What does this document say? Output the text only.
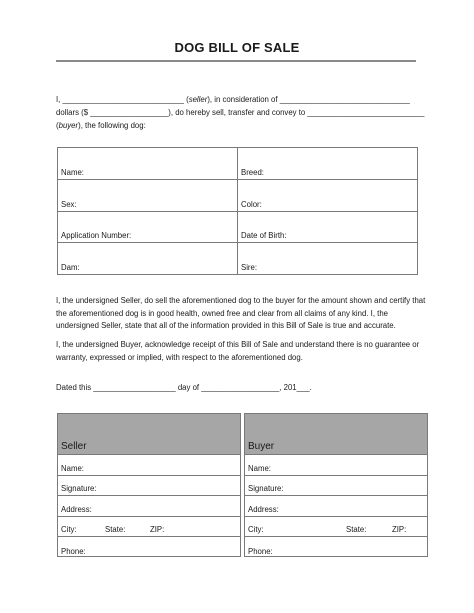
DOG BILL OF SALE
I, ____________________________ (seller), in consideration of ______________________________
dollars ($ __________________), do hereby sell, transfer and convey to ___________________________
(buyer), the following dog:
Name:	Breed:
Sex:	Color:
Application Number:	Date of Birth:
Dam:	Sire:
I, the undersigned Seller, do sell the aforementioned dog to the buyer for the amount shown and certify that the aforementioned dog is in good health, owned free and clear from all claims of any kind. I, the undersigned Seller, state that all of the information provided in this Bill of Sale is true and accurate.
I, the undersigned Buyer, acknowledge receipt of this Bill of Sale and understand there is no guarantee or warranty, expressed or implied, with respect to the aforementioned dog.
Dated this ___________________ day of __________________, 201___.
Seller
Name:
Signature:
Address:
City:	State:	ZIP:
Phone:
Buyer
Name:
Signature:
Address:
City:	State:	ZIP:
Phone:
